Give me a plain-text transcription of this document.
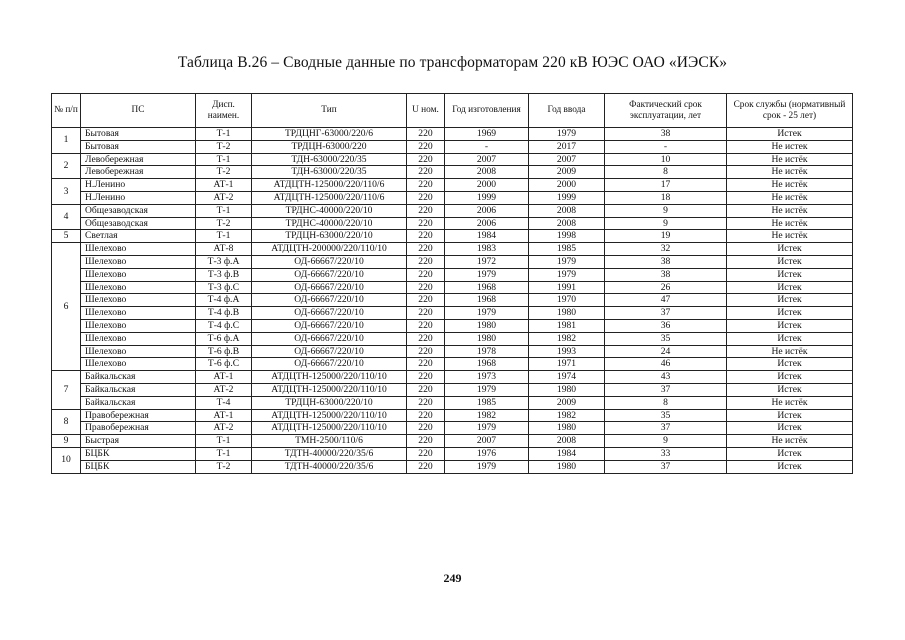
Таблица В.26 – Сводные данные по трансформаторам 220 кВ ЮЭС ОАО «ИЭСК»
№ п/п	ПС	Дисп. наимен.	Тип	U ном.	Год изготовления	Год ввода	Фактический срок эксплуатации, лет	Срок службы (нормативный срок - 25 лет)
1	Бытовая	Т-1	ТРДЦНГ-63000/220/6	220	1969	1979	38	Истек
	Бытовая	Т-2	ТРДЦН-63000/220	220	-	2017	-	Не истек
2	Левобережная	Т-1	ТДН-63000/220/35	220	2007	2007	10	Не истёк
	Левобережная	Т-2	ТДН-63000/220/35	220	2008	2009	8	Не истёк
3	Н.Ленино	АТ-1	АТДЦТН-125000/220/110/6	220	2000	2000	17	Не истёк
	Н.Ленино	АТ-2	АТДЦТН-125000/220/110/6	220	1999	1999	18	Не истёк
4	Общезаводская	Т-1	ТРДНС-40000/220/10	220	2006	2008	9	Не истёк
	Общезаводская	Т-2	ТРДНС-40000/220/10	220	2006	2008	9	Не истёк
5	Светлая	Т-1	ТРДЦН-63000/220/10	220	1984	1998	19	Не истёк
6	Шелехово	АТ-8	АТДЦТН-200000/220/110/10	220	1983	1985	32	Истек
	Шелехово	Т-3 ф.А	ОД-66667/220/10	220	1972	1979	38	Истек
	Шелехово	Т-3 ф.В	ОД-66667/220/10	220	1979	1979	38	Истек
	Шелехово	Т-3 ф.С	ОД-66667/220/10	220	1968	1991	26	Истек
	Шелехово	Т-4 ф.А	ОД-66667/220/10	220	1968	1970	47	Истек
	Шелехово	Т-4 ф.В	ОД-66667/220/10	220	1979	1980	37	Истек
	Шелехово	Т-4 ф.С	ОД-66667/220/10	220	1980	1981	36	Истек
	Шелехово	Т-6 ф.А	ОД-66667/220/10	220	1980	1982	35	Истек
	Шелехово	Т-6 ф.В	ОД-66667/220/10	220	1978	1993	24	Не истёк
	Шелехово	Т-6 ф.С	ОД-66667/220/10	220	1968	1971	46	Истек
7	Байкальская	АТ-1	АТДЦТН-125000/220/110/10	220	1973	1974	43	Истек
	Байкальская	АТ-2	АТДЦТН-125000/220/110/10	220	1979	1980	37	Истек
	Байкальская	Т-4	ТРДЦН-63000/220/10	220	1985	2009	8	Не истёк
8	Правобережная	АТ-1	АТДЦТН-125000/220/110/10	220	1982	1982	35	Истек
	Правобережная	АТ-2	АТДЦТН-125000/220/110/10	220	1979	1980	37	Истек
9	Быстрая	Т-1	ТМН-2500/110/6	220	2007	2008	9	Не истёк
10	БЦБК	Т-1	ТДТН-40000/220/35/6	220	1976	1984	33	Истек
	БЦБК	Т-2	ТДТН-40000/220/35/6	220	1979	1980	37	Истек
249
